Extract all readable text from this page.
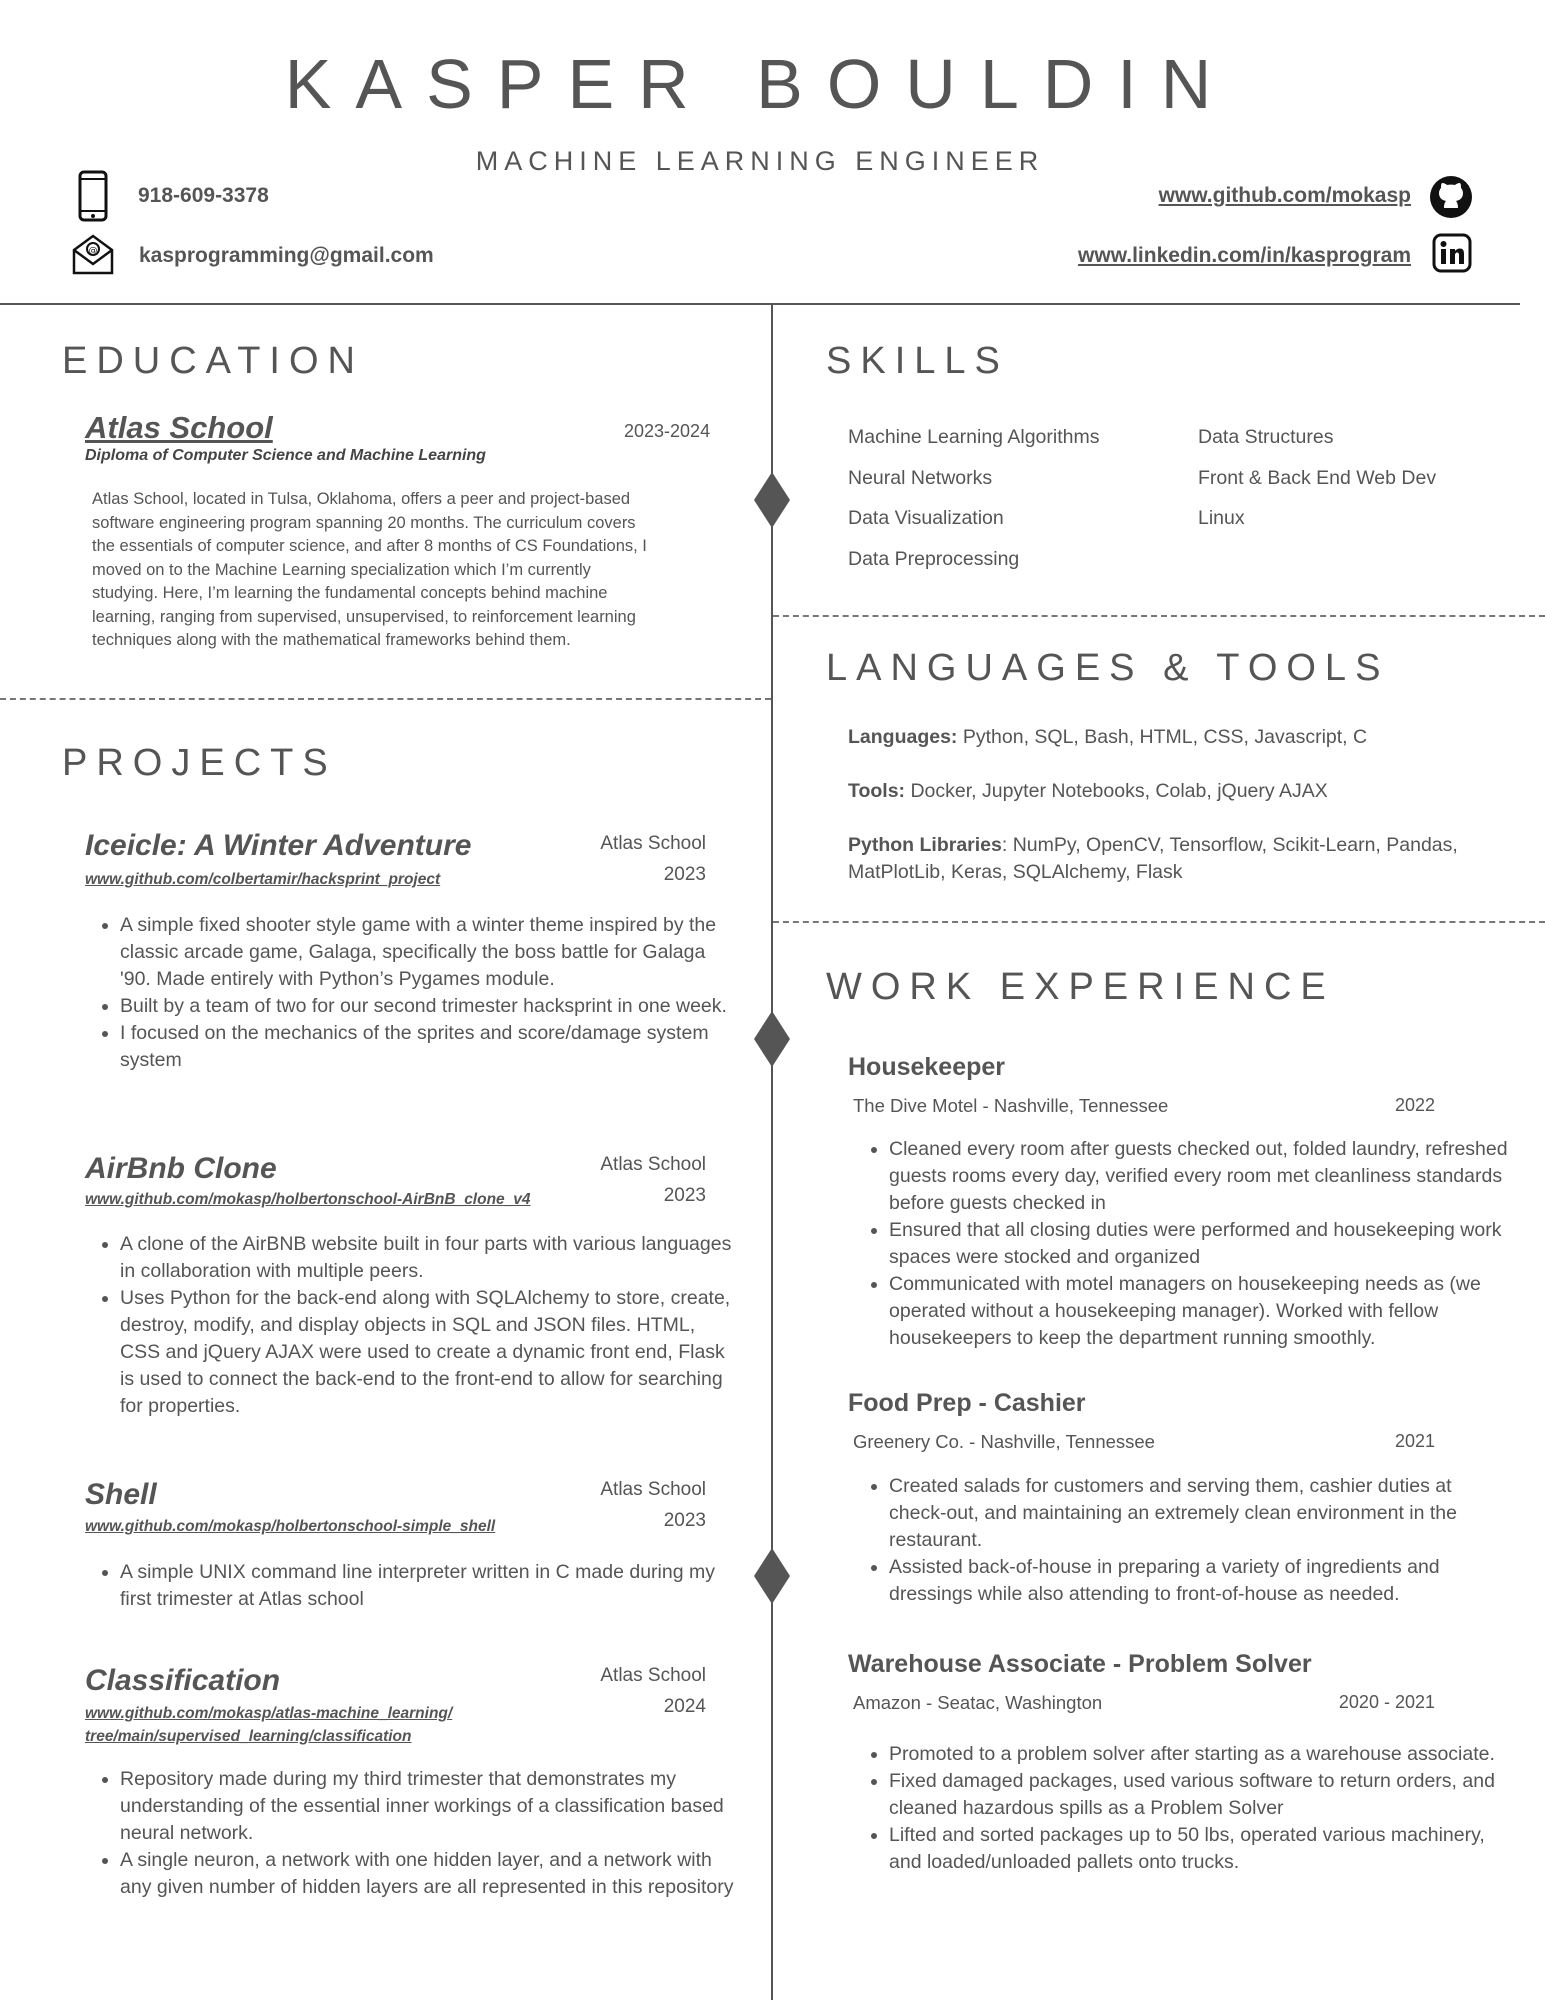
KASPER BOULDIN
MACHINE LEARNING ENGINEER
918-609-3378
@ kasprogramming@gmail.com
www.github.com/mokasp
www.linkedin.com/in/kasprogram
EDUCATION
Atlas School	2023-2024
Diploma of Computer Science and Machine Learning
Atlas School, located in Tulsa, Oklahoma, offers a peer and project-based
software engineering program spanning 20 months. The curriculum covers
the essentials of computer science, and after 8 months of CS Foundations, I
moved on to the Machine Learning specialization which I’m currently
studying. Here, I’m learning the fundamental concepts behind machine
learning, ranging from supervised, unsupervised, to reinforcement learning
techniques along with the mathematical frameworks behind them.
PROJECTS
Iceicle: A Winter Adventure
www.github.com/colbertamir/hacksprint_project
Atlas School
2023
• A simple fixed shooter style game with a winter theme inspired by the classic arcade game, Galaga, specifically the boss battle for Galaga '90. Made entirely with Python’s Pygames module.
• Built by a team of two for our second trimester hacksprint in one week.
• I focused on the mechanics of the sprites and score/damage system system
AirBnb Clone
www.github.com/mokasp/holbertonschool-AirBnB_clone_v4
Atlas School
2023
• A clone of the AirBNB website built in four parts with various languages in collaboration with multiple peers.
• Uses Python for the back-end along with SQLAlchemy to store, create, destroy, modify, and display objects in SQL and JSON files. HTML, CSS and jQuery AJAX were used to create a dynamic front end, Flask is used to connect the back-end to the front-end to allow for searching for properties.
Shell
www.github.com/mokasp/holbertonschool-simple_shell
Atlas School
2023
• A simple UNIX command line interpreter written in C made during my first trimester at Atlas school
Classification
www.github.com/mokasp/atlas-machine_learning/
tree/main/supervised_learning/classification
Atlas School
2024
• Repository made during my third trimester that demonstrates my understanding of the essential inner workings of a classification based neural network.
• A single neuron, a network with one hidden layer, and a network with any given number of hidden layers are all represented in this repository
SKILLS
Machine Learning Algorithms
Neural Networks
Data Visualization
Data Preprocessing
Data Structures
Front & Back End Web Dev
Linux
LANGUAGES & TOOLS
Languages: Python, SQL, Bash, HTML, CSS, Javascript, C
Tools: Docker, Jupyter Notebooks, Colab, jQuery AJAX
Python Libraries: NumPy, OpenCV, Tensorflow, Scikit-Learn, Pandas,
MatPlotLib, Keras, SQLAlchemy, Flask
WORK EXPERIENCE
Housekeeper
The Dive Motel - Nashville, Tennessee	2022
• Cleaned every room after guests checked out, folded laundry, refreshed guests rooms every day, verified every room met cleanliness standards before guests checked in
• Ensured that all closing duties were performed and housekeeping work spaces were stocked and organized
• Communicated with motel managers on housekeeping needs as (we operated without a housekeeping manager). Worked with fellow housekeepers to keep the department running smoothly.
Food Prep - Cashier
Greenery Co. - Nashville, Tennessee	2021
• Created salads for customers and serving them, cashier duties at check-out, and maintaining an extremely clean environment in the restaurant.
• Assisted back-of-house in preparing a variety of ingredients and dressings while also attending to front-of-house as needed.
Warehouse Associate - Problem Solver
Amazon - Seatac, Washington	2020 - 2021
• Promoted to a problem solver after starting as a warehouse associate.
• Fixed damaged packages, used various software to return orders, and cleaned hazardous spills as a Problem Solver
• Lifted and sorted packages up to 50 lbs, operated various machinery, and loaded/unloaded pallets onto trucks.
